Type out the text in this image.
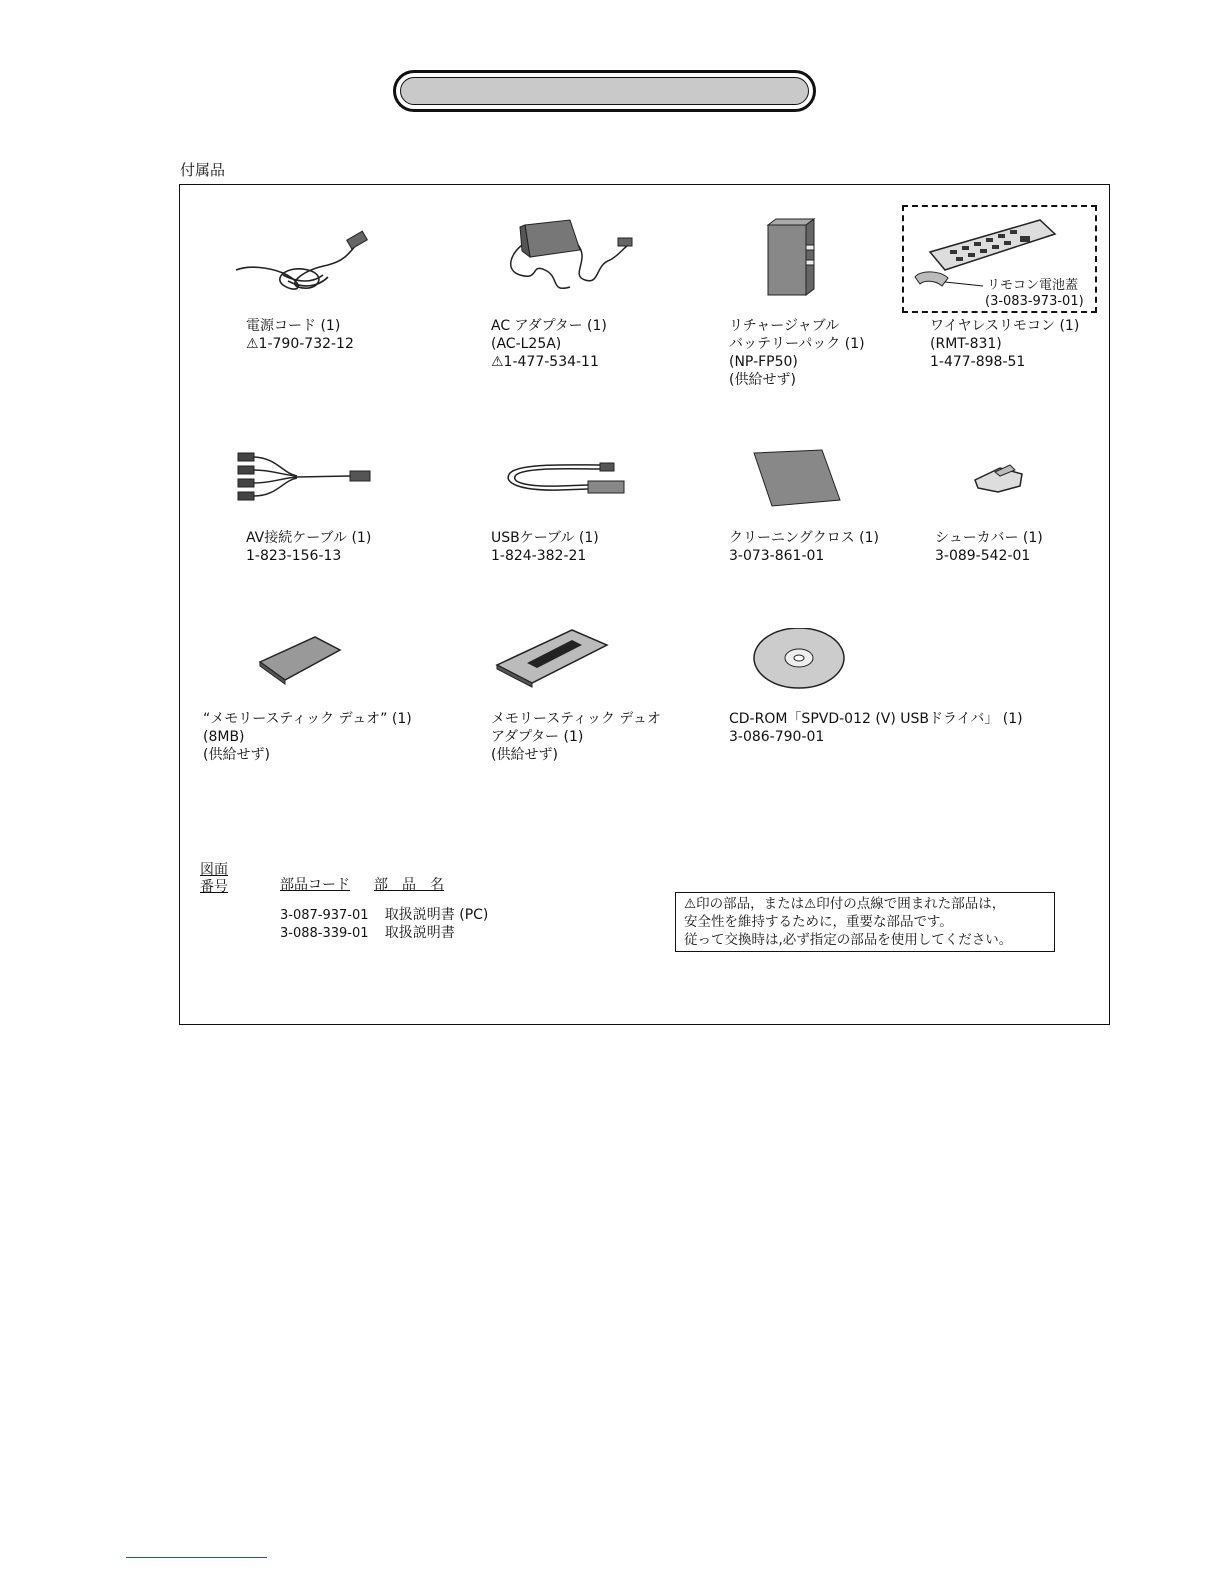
付属品
リモコン電池蓋
(3-083-973-01)
電源コード (1)
⚠1-790-732-12
AC アダプター (1)
(AC-L25A)
⚠1-477-534-11
リチャージャブル
バッテリーパック (1)
(NP-FP50)
(供給せず)
ワイヤレスリモコン (1)
(RMT-831)
1-477-898-51
AV接続ケーブル (1)
1-823-156-13
USBケーブル (1)
1-824-382-21
クリーニングクロス (1)
3-073-861-01
シューカバー (1)
3-089-542-01
“メモリースティック デュオ” (1)
(8MB)
(供給せず)
メモリースティック デュオ
アダプター (1)
(供給せず)
CD-ROM「SPVD-012 (V) USBドライバ」 (1)
3-086-790-01
図面
番号	部品コード 部　品　名
3-087-937-01 取扱説明書 (PC)
3-088-339-01 取扱説明書
⚠印の部品，または⚠印付の点線で囲まれた部品は，
安全性を維持するために，重要な部品です。
従って交換時は,必ず指定の部品を使用してください。
